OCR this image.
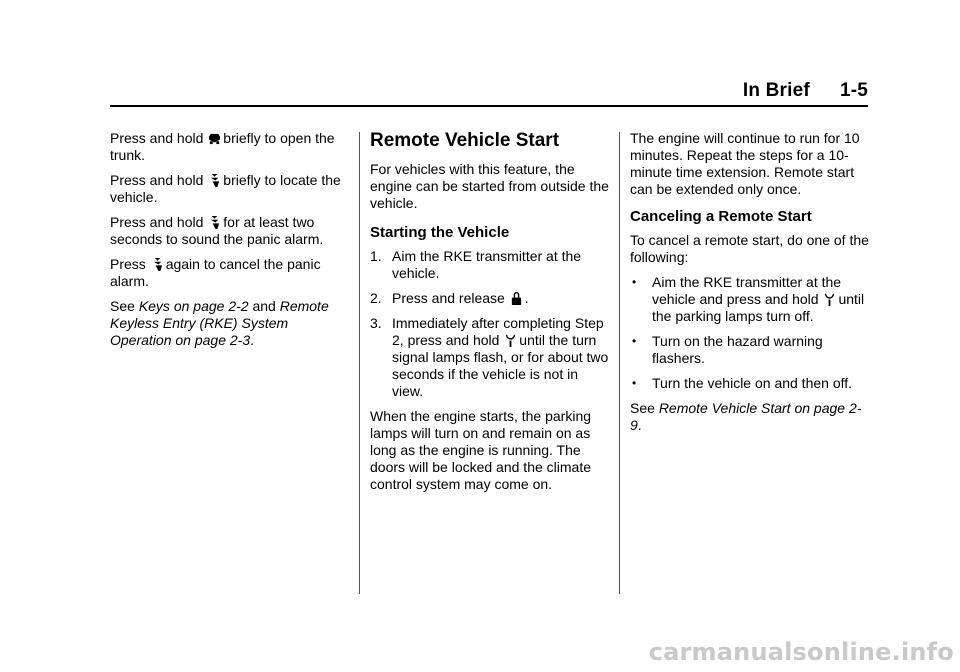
In Brief 1-5

Press and hold briefly to open the trunk.

Press and hold briefly to locate the vehicle.

Press and hold for at least two seconds to sound the panic alarm.

Press again to cancel the panic alarm.

See Keys on page 2-2 and Remote Keyless Entry (RKE) System Operation on page 2-3.

Remote Vehicle Start

For vehicles with this feature, the engine can be started from outside the vehicle.

Starting the Vehicle
1. Aim the RKE transmitter at the vehicle.
2. Press and release .
3. Immediately after completing Step 2, press and hold until the turn signal lamps flash, or for about two seconds if the vehicle is not in view.

When the engine starts, the parking lamps will turn on and remain on as long as the engine is running. The doors will be locked and the climate control system may come on.

The engine will continue to run for 10 minutes. Repeat the steps for a 10-minute time extension. Remote start can be extended only once.

Canceling a Remote Start

To cancel a remote start, do one of the following:

• Aim the RKE transmitter at the vehicle and press and hold until the parking lamps turn off.
• Turn on the hazard warning flashers.
• Turn the vehicle on and then off.

See Remote Vehicle Start on page 2-9.

carmanualsonline.info
